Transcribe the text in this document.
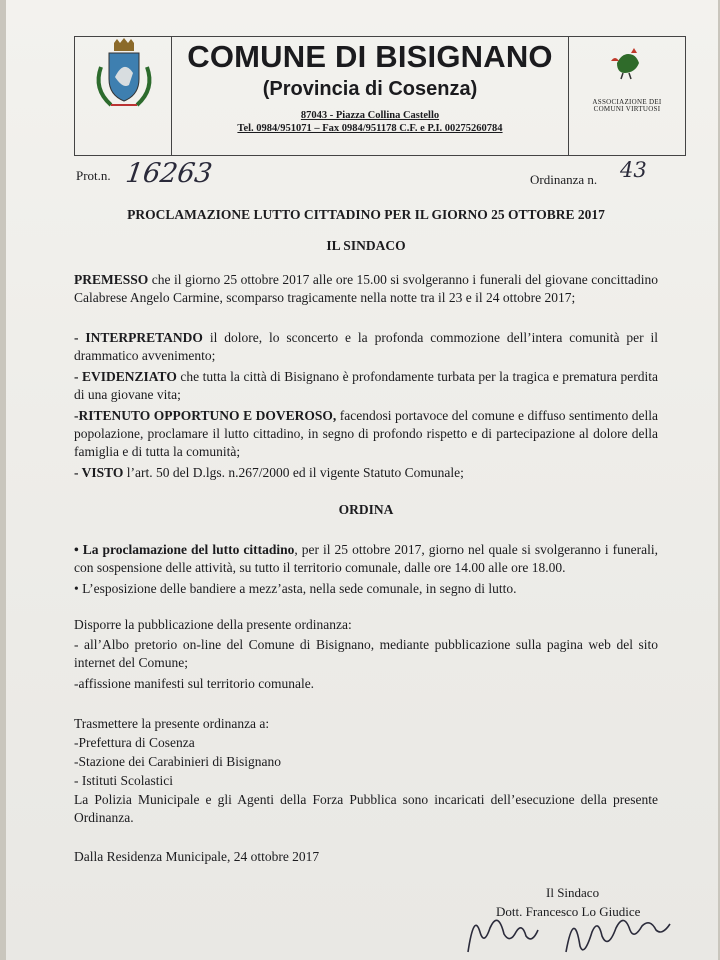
COMUNE DI BISIGNANO
(Provincia di Cosenza)
87043 - Piazza Collina Castello
Tel. 0984/951071 – Fax 0984/951178 C.F. e P.I. 00275260784
ASSOCIAZIONE DEI
COMUNI VIRTUOSI
Prot.n. 16263	Ordinanza n. 43
PROCLAMAZIONE LUTTO CITTADINO PER IL GIORNO 25 OTTOBRE 2017
IL SINDACO
PREMESSO che il giorno 25 ottobre 2017 alle ore 15.00 si svolgeranno i funerali del giovane concittadino Calabrese Angelo Carmine, scomparso tragicamente nella notte tra il 23 e il 24 ottobre 2017;
- INTERPRETANDO il dolore, lo sconcerto e la profonda commozione dell’intera comunità per il drammatico avvenimento;
- EVIDENZIATO che tutta la città di Bisignano è profondamente turbata per la tragica e prematura perdita di una giovane vita;
-RITENUTO OPPORTUNO E DOVEROSO, facendosi portavoce del comune e diffuso sentimento della popolazione, proclamare il lutto cittadino, in segno di profondo rispetto e di partecipazione al dolore della famiglia e di tutta la comunità;
- VISTO l’art. 50 del D.lgs. n.267/2000 ed il vigente Statuto Comunale;
ORDINA
• La proclamazione del lutto cittadino, per il 25 ottobre 2017, giorno nel quale si svolgeranno i funerali, con sospensione delle attività, su tutto il territorio comunale, dalle ore 14.00 alle ore 18.00.
• L’esposizione delle bandiere a mezz’asta, nella sede comunale, in segno di lutto.
Disporre la pubblicazione della presente ordinanza:
- all’Albo pretorio on-line del Comune di Bisignano, mediante pubblicazione sulla pagina web del sito internet del Comune;
-affissione manifesti sul territorio comunale.
Trasmettere la presente ordinanza a:
-Prefettura di Cosenza
-Stazione dei Carabinieri di Bisignano
- Istituti Scolastici
La Polizia Municipale e gli Agenti della Forza Pubblica sono incaricati dell’esecuzione della presente Ordinanza.
Dalla Residenza Municipale, 24 ottobre 2017
Il Sindaco
Dott. Francesco Lo Giudice
